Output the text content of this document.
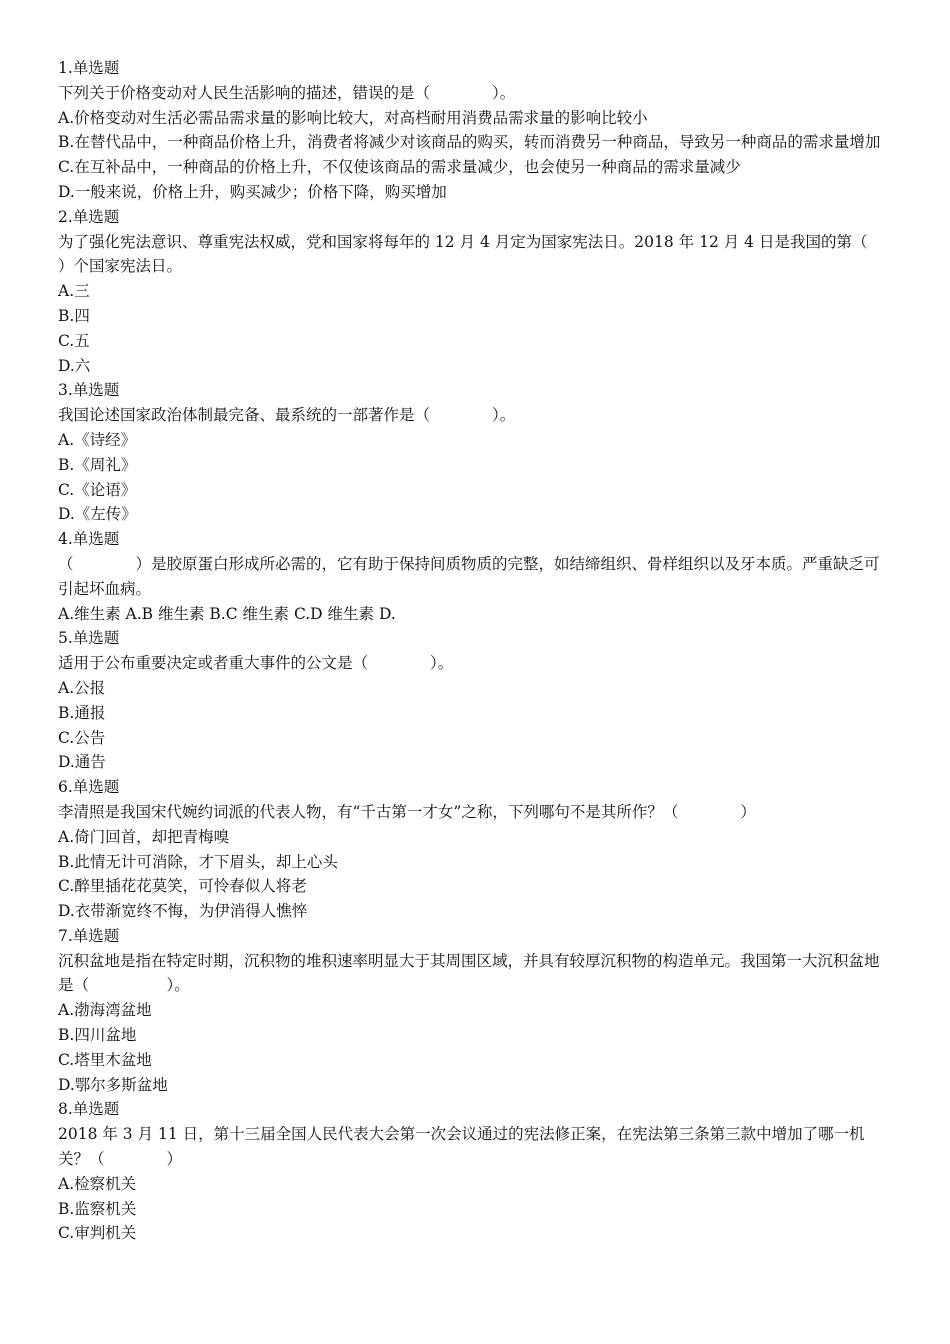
1.单选题

下列关于价格变动对人民生活影响的描述，错误的是（　　　　）。

A.价格变动对生活必需品需求量的影响比较大，对高档耐用消费品需求量的影响比较小

B.在替代品中，一种商品价格上升，消费者将减少对该商品的购买，转而消费另一种商品，导致另一种商品的需求量增加

C.在互补品中，一种商品的价格上升，不仅使该商品的需求量减少，也会使另一种商品的需求量减少

D.一般来说，价格上升，购买减少；价格下降，购买增加

2.单选题

为了强化宪法意识、尊重宪法权威，党和国家将每年的 12 月 4 月定为国家宪法日。2018 年 12 月 4 日是我国的第（　　）个国家宪法日。

A.三

B.四

C.五

D.六

3.单选题

我国论述国家政治体制最完备、最系统的一部著作是（　　　　）。

A.《诗经》

B.《周礼》

C.《论语》

D.《左传》

4.单选题

（　　　　）是胶原蛋白形成所必需的，它有助于保持间质物质的完整，如结缔组织、骨样组织以及牙本质。严重缺乏可引起坏血病。

A.维生素 A.B 维生素 B.C 维生素 C.D 维生素 D.

5.单选题

适用于公布重要决定或者重大事件的公文是（　　　　）。

A.公报

B.通报

C.公告

D.通告

6.单选题

李清照是我国宋代婉约词派的代表人物，有“千古第一才女”之称，下列哪句不是其所作？（　　　　）

A.倚门回首，却把青梅嗅

B.此情无计可消除，才下眉头，却上心头

C.醉里插花花莫笑，可怜春似人将老

D.衣带渐宽终不悔，为伊消得人憔悴

7.单选题

沉积盆地是指在特定时期，沉积物的堆积速率明显大于其周围区域，并具有较厚沉积物的构造单元。我国第一大沉积盆地是（　　　　　）。

A.渤海湾盆地

B.四川盆地

C.塔里木盆地

D.鄂尔多斯盆地

8.单选题

2018 年 3 月 11 日，第十三届全国人民代表大会第一次会议通过的宪法修正案，在宪法第三条第三款中增加了哪一机关？（　　　　）

A.检察机关

B.监察机关

C.审判机关
